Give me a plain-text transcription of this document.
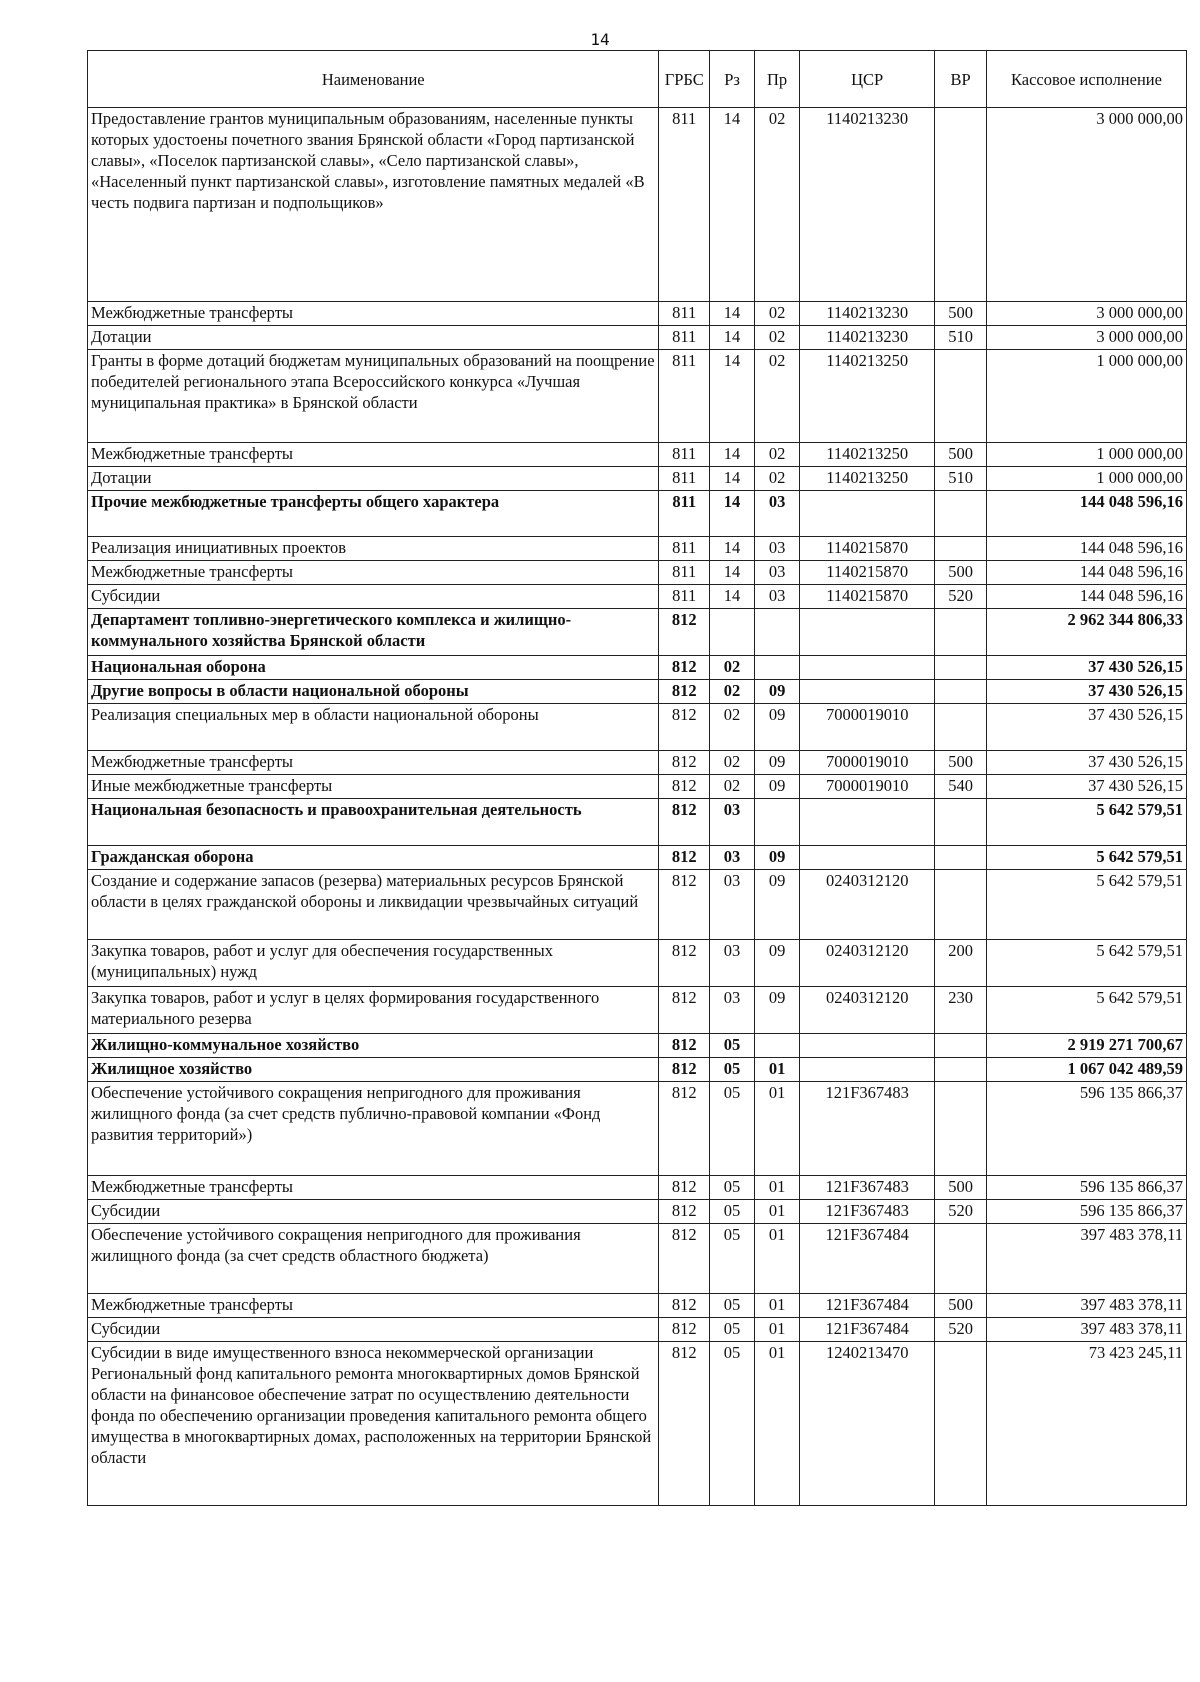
14
Наименование	ГРБС	Рз	Пр	ЦСР	ВР	Кассовое исполнение
Предоставление грантов муниципальным образованиям, населенные пункты которых удостоены почетного звания Брянской области «Город партизанской славы», «Поселок партизанской славы», «Село партизанской славы», «Населенный пункт партизанской славы», изготовление памятных медалей «В честь подвига партизан и подпольщиков»	811	14	02	1140213230		3 000 000,00
Межбюджетные трансферты	811	14	02	1140213230	500	3 000 000,00
Дотации	811	14	02	1140213230	510	3 000 000,00
Гранты в форме дотаций бюджетам муниципальных образований на поощрение победителей регионального этапа Всероссийского конкурса «Лучшая муниципальная практика» в Брянской области	811	14	02	1140213250		1 000 000,00
Межбюджетные трансферты	811	14	02	1140213250	500	1 000 000,00
Дотации	811	14	02	1140213250	510	1 000 000,00
Прочие межбюджетные трансферты общего характера	811	14	03			144 048 596,16
Реализация инициативных проектов	811	14	03	1140215870		144 048 596,16
Межбюджетные трансферты	811	14	03	1140215870	500	144 048 596,16
Субсидии	811	14	03	1140215870	520	144 048 596,16
Департамент топливно-энергетического комплекса и жилищно-коммунального хозяйства Брянской области	812					2 962 344 806,33
Национальная оборона	812	02				37 430 526,15
Другие вопросы в области национальной обороны	812	02	09			37 430 526,15
Реализация специальных мер в области национальной обороны	812	02	09	7000019010		37 430 526,15
Межбюджетные трансферты	812	02	09	7000019010	500	37 430 526,15
Иные межбюджетные трансферты	812	02	09	7000019010	540	37 430 526,15
Национальная безопасность и правоохранительная деятельность	812	03				5 642 579,51
Гражданская оборона	812	03	09			5 642 579,51
Создание и содержание запасов (резерва) материальных ресурсов Брянской области в целях гражданской обороны и ликвидации чрезвычайных ситуаций	812	03	09	0240312120		5 642 579,51
Закупка товаров, работ и услуг для обеспечения государственных (муниципальных) нужд	812	03	09	0240312120	200	5 642 579,51
Закупка товаров, работ и услуг в целях формирования государственного материального резерва	812	03	09	0240312120	230	5 642 579,51
Жилищно-коммунальное хозяйство	812	05				2 919 271 700,67
Жилищное хозяйство	812	05	01			1 067 042 489,59
Обеспечение устойчивого сокращения непригодного для проживания жилищного фонда (за счет средств публично-правовой компании «Фонд развития территорий»)	812	05	01	121F367483		596 135 866,37
Межбюджетные трансферты	812	05	01	121F367483	500	596 135 866,37
Субсидии	812	05	01	121F367483	520	596 135 866,37
Обеспечение устойчивого сокращения непригодного для проживания жилищного фонда (за счет средств областного бюджета)	812	05	01	121F367484		397 483 378,11
Межбюджетные трансферты	812	05	01	121F367484	500	397 483 378,11
Субсидии	812	05	01	121F367484	520	397 483 378,11
Субсидии в виде имущественного взноса некоммерческой организации Региональный фонд капитального ремонта многоквартирных домов Брянской области на финансовое обеспечение затрат по осуществлению деятельности фонда по обеспечению организации проведения капитального ремонта общего имущества в многоквартирных домах, расположенных на территории Брянской области	812	05	01	1240213470		73 423 245,11
